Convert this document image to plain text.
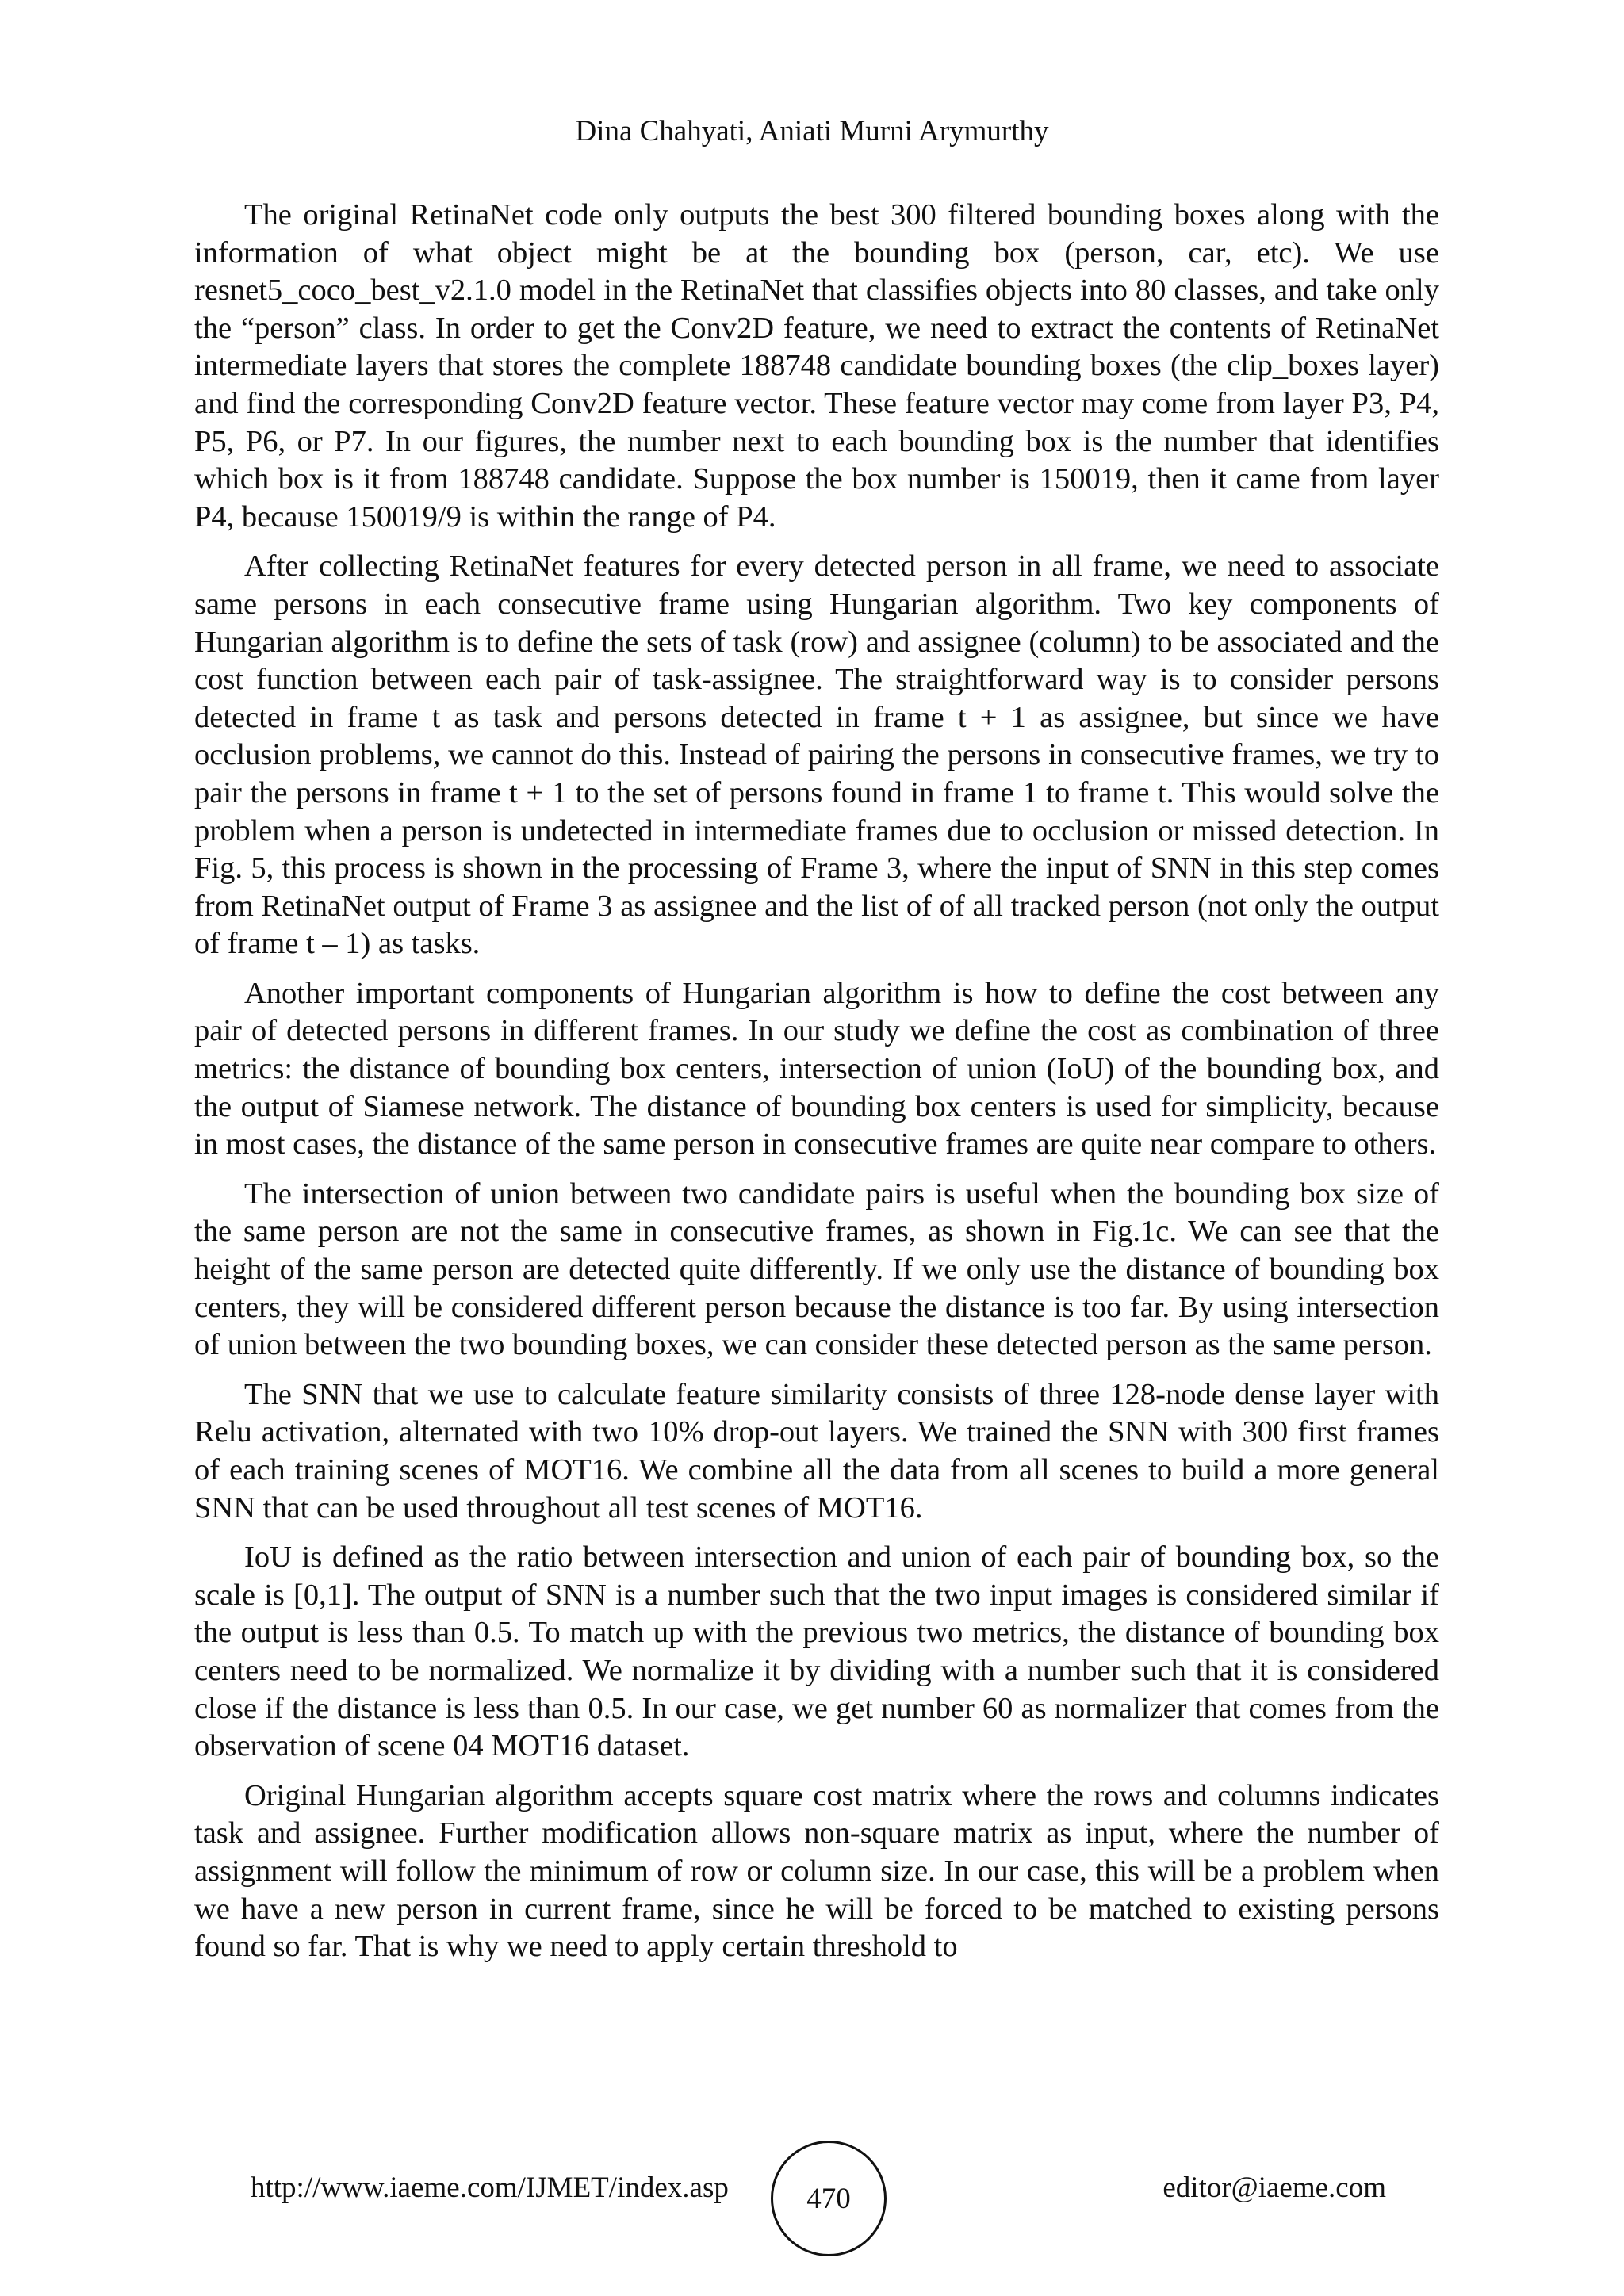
Dina Chahyati, Aniati Murni Arymurthy

The original RetinaNet code only outputs the best 300 filtered bounding boxes along with the information of what object might be at the bounding box (person, car, etc). We use resnet5_coco_best_v2.1.0 model in the RetinaNet that classifies objects into 80 classes, and take only the “person” class. In order to get the Conv2D feature, we need to extract the contents of RetinaNet intermediate layers that stores the complete 188748 candidate bounding boxes (the clip_boxes layer) and find the corresponding Conv2D feature vector. These feature vector may come from layer P3, P4, P5, P6, or P7. In our figures, the number next to each bounding box is the number that identifies which box is it from 188748 candidate. Suppose the box number is 150019, then it came from layer P4, because 150019/9 is within the range of P4.

After collecting RetinaNet features for every detected person in all frame, we need to associate same persons in each consecutive frame using Hungarian algorithm. Two key components of Hungarian algorithm is to define the sets of task (row) and assignee (column) to be associated and the cost function between each pair of task-assignee. The straightforward way is to consider persons detected in frame t as task and persons detected in frame t + 1 as assignee, but since we have occlusion problems, we cannot do this. Instead of pairing the persons in consecutive frames, we try to pair the persons in frame t + 1 to the set of persons found in frame 1 to frame t. This would solve the problem when a person is undetected in intermediate frames due to occlusion or missed detection. In Fig. 5, this process is shown in the processing of Frame 3, where the input of SNN in this step comes from RetinaNet output of Frame 3 as assignee and the list of of all tracked person (not only the output of frame t – 1) as tasks.

Another important components of Hungarian algorithm is how to define the cost between any pair of detected persons in different frames. In our study we define the cost as combination of three metrics: the distance of bounding box centers, intersection of union (IoU) of the bounding box, and the output of Siamese network. The distance of bounding box centers is used for simplicity, because in most cases, the distance of the same person in consecutive frames are quite near compare to others.

The intersection of union between two candidate pairs is useful when the bounding box size of the same person are not the same in consecutive frames, as shown in Fig.1c. We can see that the height of the same person are detected quite differently. If we only use the distance of bounding box centers, they will be considered different person because the distance is too far. By using intersection of union between the two bounding boxes, we can consider these detected person as the same person.

The SNN that we use to calculate feature similarity consists of three 128-node dense layer with Relu activation, alternated with two 10% drop-out layers. We trained the SNN with 300 first frames of each training scenes of MOT16. We combine all the data from all scenes to build a more general SNN that can be used throughout all test scenes of MOT16.

IoU is defined as the ratio between intersection and union of each pair of bounding box, so the scale is [0,1]. The output of SNN is a number such that the two input images is considered similar if the output is less than 0.5. To match up with the previous two metrics, the distance of bounding box centers need to be normalized. We normalize it by dividing with a number such that it is considered close if the distance is less than 0.5. In our case, we get number 60 as normalizer that comes from the observation of scene 04 MOT16 dataset.

Original Hungarian algorithm accepts square cost matrix where the rows and columns indicates task and assignee. Further modification allows non-square matrix as input, where the number of assignment will follow the minimum of row or column size. In our case, this will be a problem when we have a new person in current frame, since he will be forced to be matched to existing persons found so far. That is why we need to apply certain threshold to

http://www.iaeme.com/IJMET/index.asp	470	editor@iaeme.com
